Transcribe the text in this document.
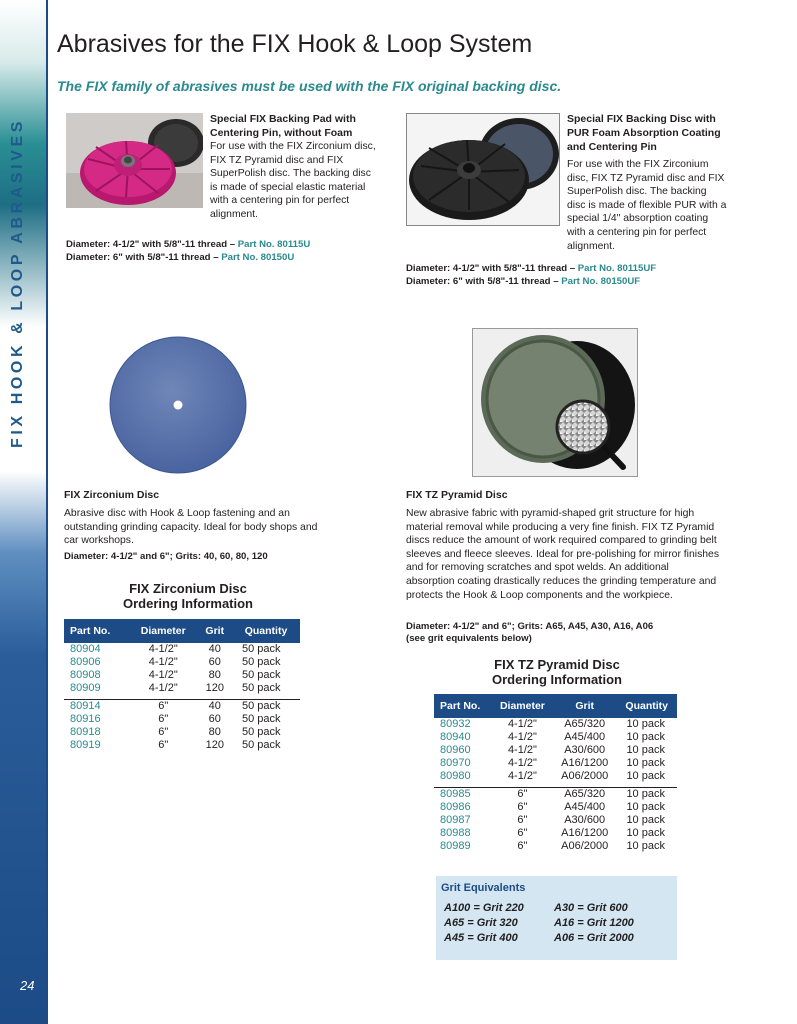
FIX HOOK & LOOP ABRASIVES
24
Abrasives for the FIX Hook & Loop System
The FIX family of abrasives must be used with the FIX original backing disc.
Special FIX Backing Pad with Centering Pin, without Foam
For use with the FIX Zirconium disc, FIX TZ Pyramid disc and FIX SuperPolish disc. The backing disc is made of special elastic material with a centering pin for perfect alignment.
Diameter: 4-1/2" with 5/8"-11 thread – Part No. 80115U
Diameter: 6" with 5/8"-11 thread – Part No. 80150U
Special FIX Backing Disc with PUR Foam Absorption Coating and Centering Pin
For use with the FIX Zirconium disc, FIX TZ Pyramid disc and FIX SuperPolish disc. The backing disc is made of flexible PUR with a special 1/4" absorption coating with a centering pin for perfect alignment.
Diameter: 4-1/2" with 5/8"-11 thread – Part No. 80115UF
Diameter: 6" with 5/8"-11 thread – Part No. 80150UF
FIX Zirconium Disc
Abrasive disc with Hook & Loop fastening and an outstanding grinding capacity. Ideal for body shops and car workshops.
Diameter: 4-1/2" and 6"; Grits: 40, 60, 80, 120
FIX TZ Pyramid Disc
New abrasive fabric with pyramid-shaped grit structure for high material removal while producing a very fine finish. FIX TZ Pyramid discs reduce the amount of work required compared to grinding belt sleeves and fleece sleeves. Ideal for pre-polishing for mirror finishes and for removing scratches and spot welds. An additional absorption coating drastically reduces the grinding temperature and protects the Hook & Loop components and the workpiece.
Diameter: 4-1/2" and 6"; Grits: A65, A45, A30, A16, A06
(see grit equivalents below)
FIX Zirconium Disc
Ordering Information
Part No.	Diameter	Grit	Quantity
80904	4-1/2"	40	50 pack
80906	4-1/2"	60	50 pack
80908	4-1/2"	80	50 pack
80909	4-1/2"	120	50 pack

80914	6"	40	50 pack
80916	6"	60	50 pack
80918	6"	80	50 pack
80919	6"	120	50 pack
FIX TZ Pyramid Disc
Ordering Information
Part No.	Diameter	Grit	Quantity
80932	4-1/2"	A65/320	10 pack
80940	4-1/2"	A45/400	10 pack
80960	4-1/2"	A30/600	10 pack
80970	4-1/2"	A16/1200	10 pack
80980	4-1/2"	A06/2000	10 pack

80985	6"	A65/320	10 pack
80986	6"	A45/400	10 pack
80987	6"	A30/600	10 pack
80988	6"	A16/1200	10 pack
80989	6"	A06/2000	10 pack
Grit Equivalents
A100 = Grit 220
A65 = Grit 320
A45 = Grit 400
A30 = Grit 600
A16 = Grit 1200
A06 = Grit 2000
